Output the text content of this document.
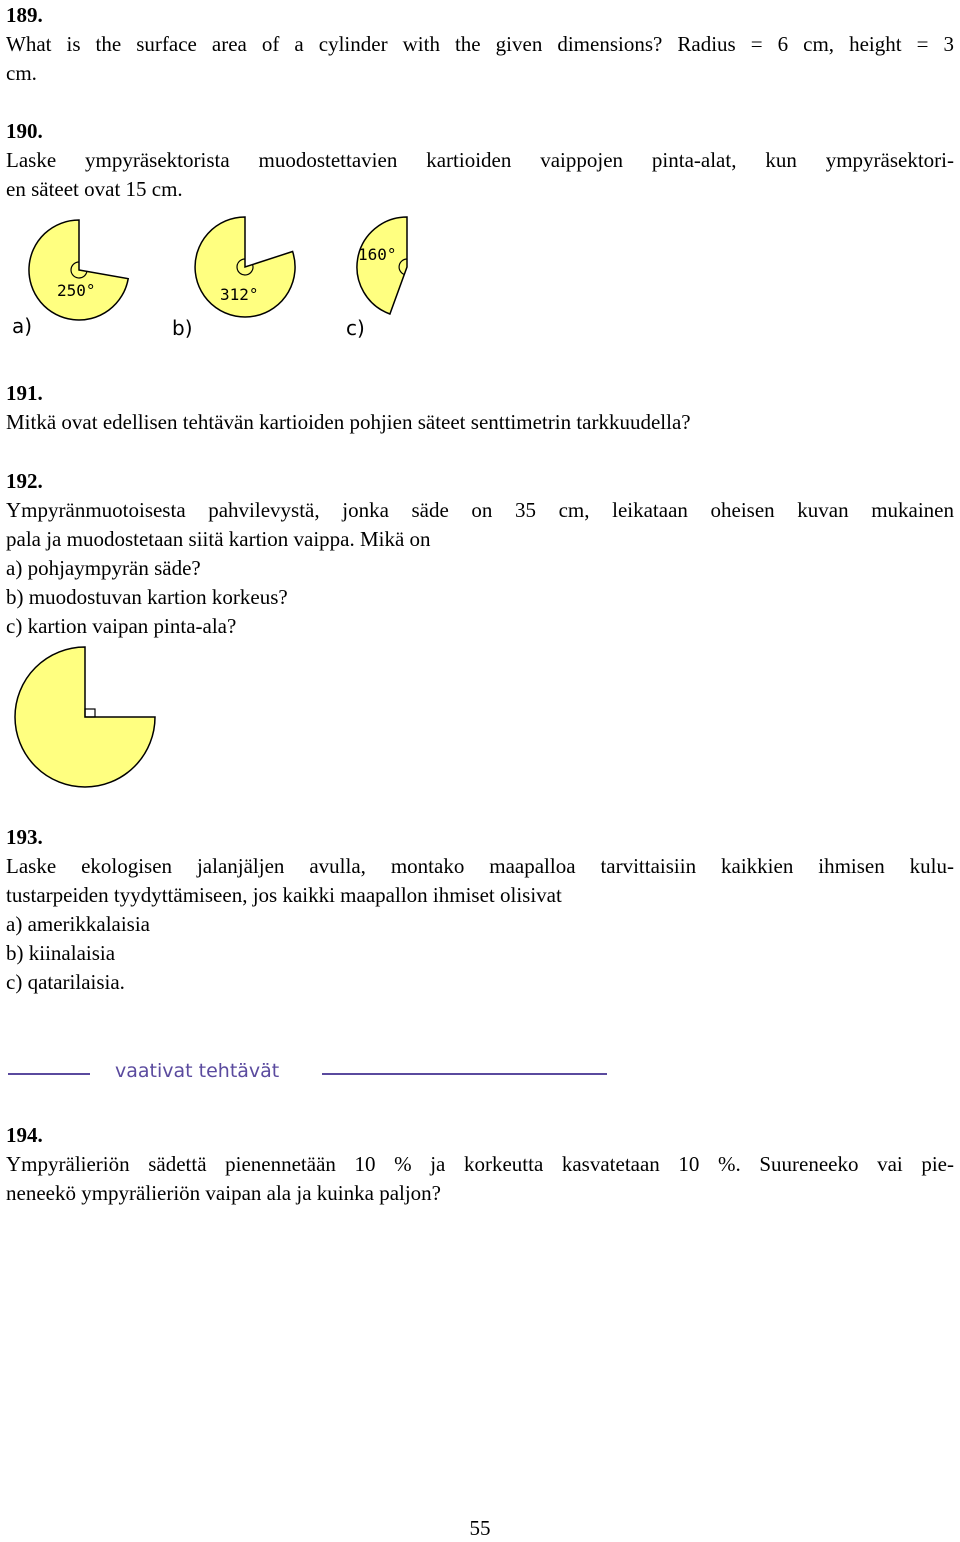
189.
What is the surface area of a cylinder with the given dimensions? Radius = 6 cm, height = 3
cm.
190.
Laske ympyräsektorista muodostettavien kartioiden vaippojen pinta-alat, kun ympyräsektori-
en säteet ovat 15 cm.
250°
a)
312°
b)
160°
c)
191.
Mitkä ovat edellisen tehtävän kartioiden pohjien säteet senttimetrin tarkkuudella?
192.
Ympyränmuotoisesta pahvilevystä, jonka säde on 35 cm, leikataan oheisen kuvan mukainen
pala ja muodostetaan siitä kartion vaippa. Mikä on
a) pohjaympyrän säde?
b) muodostuvan kartion korkeus?
c) kartion vaipan pinta-ala?
193.
Laske ekologisen jalanjäljen avulla, montako maapalloa tarvittaisiin kaikkien ihmisen kulu-
tustarpeiden tyydyttämiseen, jos kaikki maapallon ihmiset olisivat
a) amerikkalaisia
b) kiinalaisia
c) qatarilaisia.
vaativat tehtävät
194.
Ympyrälieriön sädettä pienennetään 10 % ja korkeutta kasvatetaan 10 %. Suureneeko vai pie-
neneekö ympyrälieriön vaipan ala ja kuinka paljon?
55
